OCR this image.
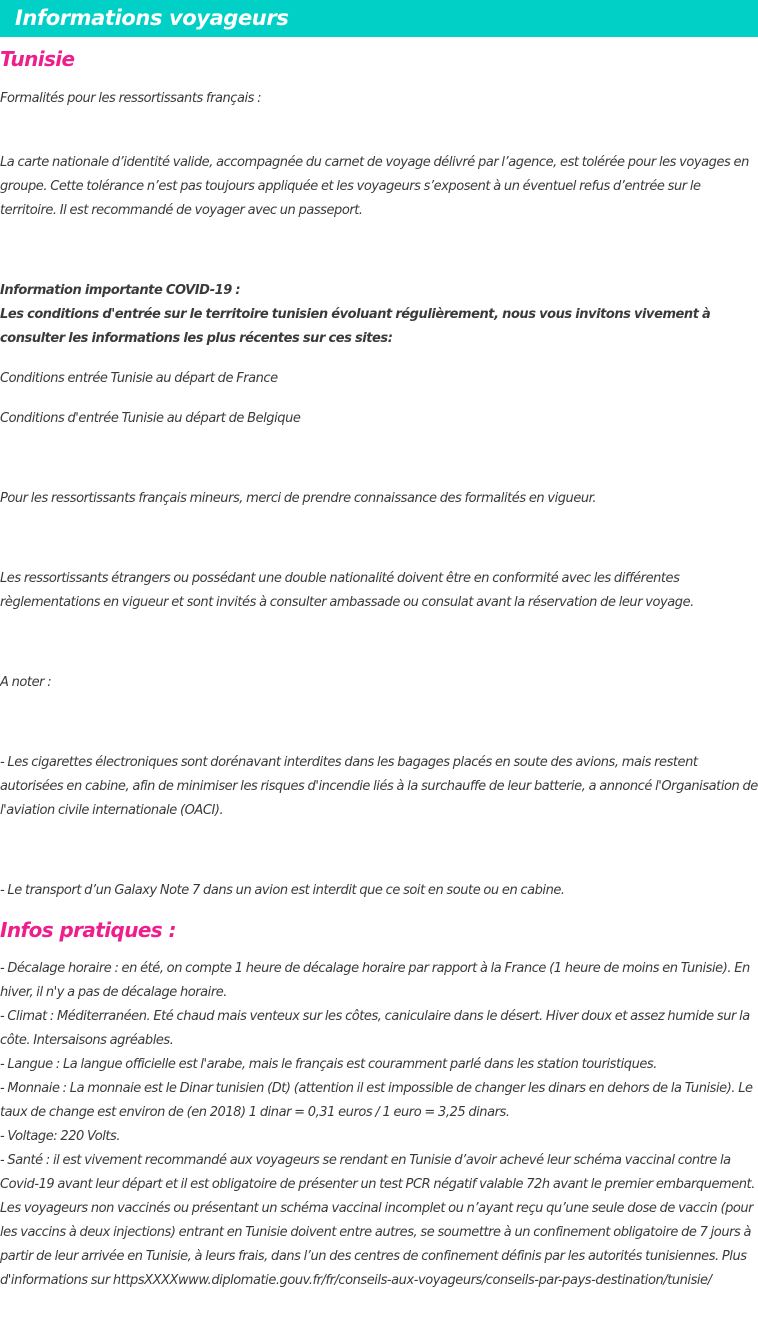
Informations voyageurs
Tunisie

Formalités pour les ressortissants français :

La carte nationale d’identité valide, accompagnée du carnet de voyage délivré par l’agence, est tolérée pour les voyages en groupe. Cette tolérance n’est pas toujours appliquée et les voyageurs s’exposent à un éventuel refus d’entrée sur le territoire. Il est recommandé de voyager avec un passeport.

Information importante COVID-19 :

Les conditions d'entrée sur le territoire tunisien évoluant régulièrement, nous vous invitons vivement à consulter les informations les plus récentes sur ces sites:

Conditions entrée Tunisie au départ de France

Conditions d'entrée Tunisie au départ de Belgique

Pour les ressortissants français mineurs, merci de prendre connaissance des formalités en vigueur.

Les ressortissants étrangers ou possédant une double nationalité doivent être en conformité avec les différentes règlementations en vigueur et sont invités à consulter ambassade ou consulat avant la réservation de leur voyage.

A noter :

- Les cigarettes électroniques sont dorénavant interdites dans les bagages placés en soute des avions, mais restent autorisées en cabine, afin de minimiser les risques d'incendie liés à la surchauffe de leur batterie, a annoncé l'Organisation de l'aviation civile internationale (OACI).

- Le transport d’un Galaxy Note 7 dans un avion est interdit que ce soit en soute ou en cabine.

Infos pratiques :

- Décalage horaire : en été, on compte 1 heure de décalage horaire par rapport à la France (1 heure de moins en Tunisie). En hiver, il n'y a pas de décalage horaire.

- Climat : Méditerranéen. Eté chaud mais venteux sur les côtes, caniculaire dans le désert. Hiver doux et assez humide sur la côte. Intersaisons agréables.

- Langue : La langue officielle est l'arabe, mais le français est couramment parlé dans les station touristiques.

- Monnaie : La monnaie est le Dinar tunisien (Dt) (attention il est impossible de changer les dinars en dehors de la Tunisie). Le taux de change est environ de (en 2018) 1 dinar = 0,31 euros / 1 euro = 3,25 dinars.

- Voltage: 220 Volts.

- Santé : il est vivement recommandé aux voyageurs se rendant en Tunisie d’avoir achevé leur schéma vaccinal contre la Covid-19 avant leur départ et il est obligatoire de présenter un test PCR négatif valable 72h avant le premier embarquement. Les voyageurs non vaccinés ou présentant un schéma vaccinal incomplet ou n’ayant reçu qu’une seule dose de vaccin (pour les vaccins à deux injections) entrant en Tunisie doivent entre autres, se soumettre à un confinement obligatoire de 7 jours à partir de leur arrivée en Tunisie, à leurs frais, dans l’un des centres de confinement définis par les autorités tunisiennes. Plus d'informations sur httpsXXXXwww.diplomatie.gouv.fr/fr/conseils-aux-voyageurs/conseils-par-pays-destination/tunisie/
